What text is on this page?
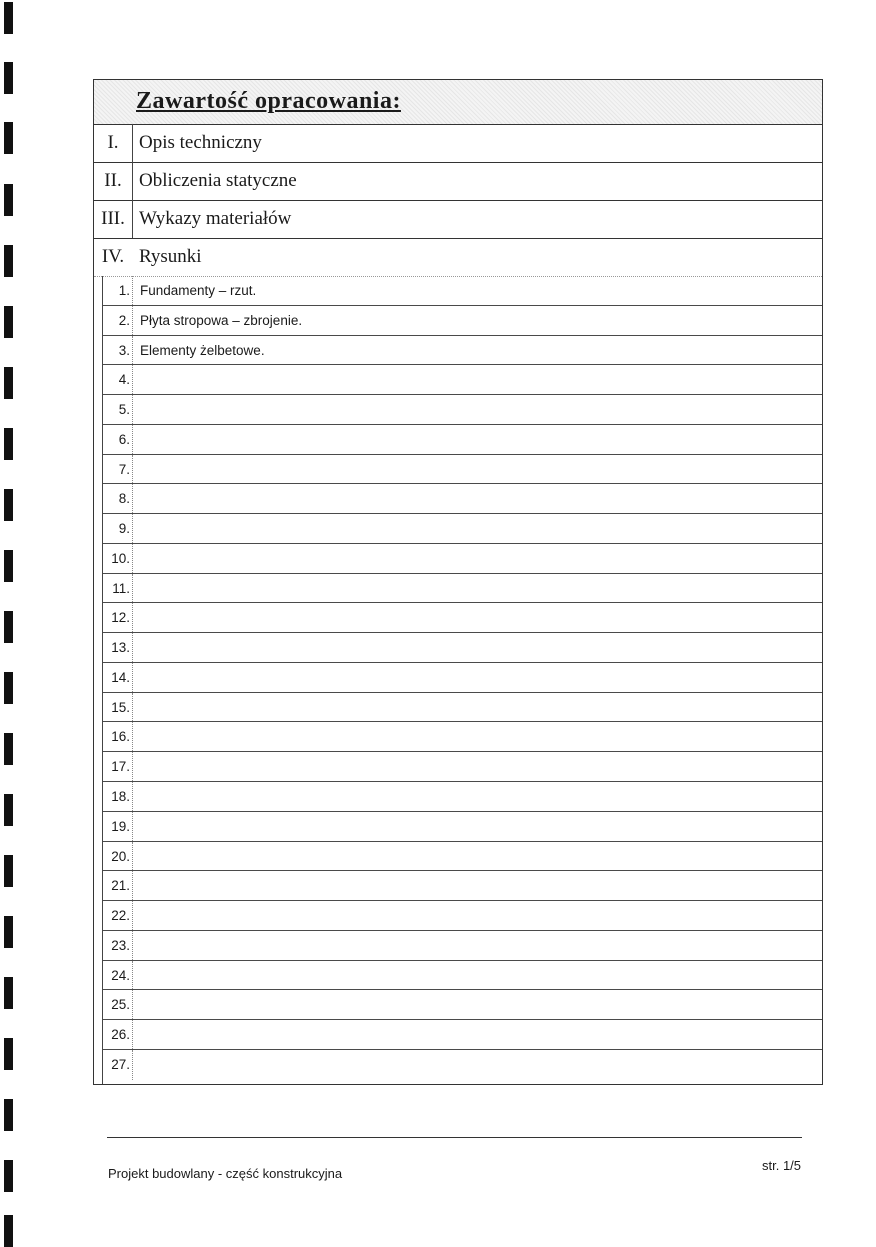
Zawartość opracowania:
I.	Opis techniczny
II. Obliczenia statyczne
III. Wykazy materiałów
IV. Rysunki
1. Fundamenty – rzut.
2. Płyta stropowa – zbrojenie.
3. Elementy żelbetowe.
4.
5.
6.
7.
8.
9.
10.
11.
12.
13.
14.
15.
16.
17.
18.
19.
20.
21.
22.
23.
24.
25.
26.
27.
Projekt budowlany - część konstrukcyjna
str. 1/5
